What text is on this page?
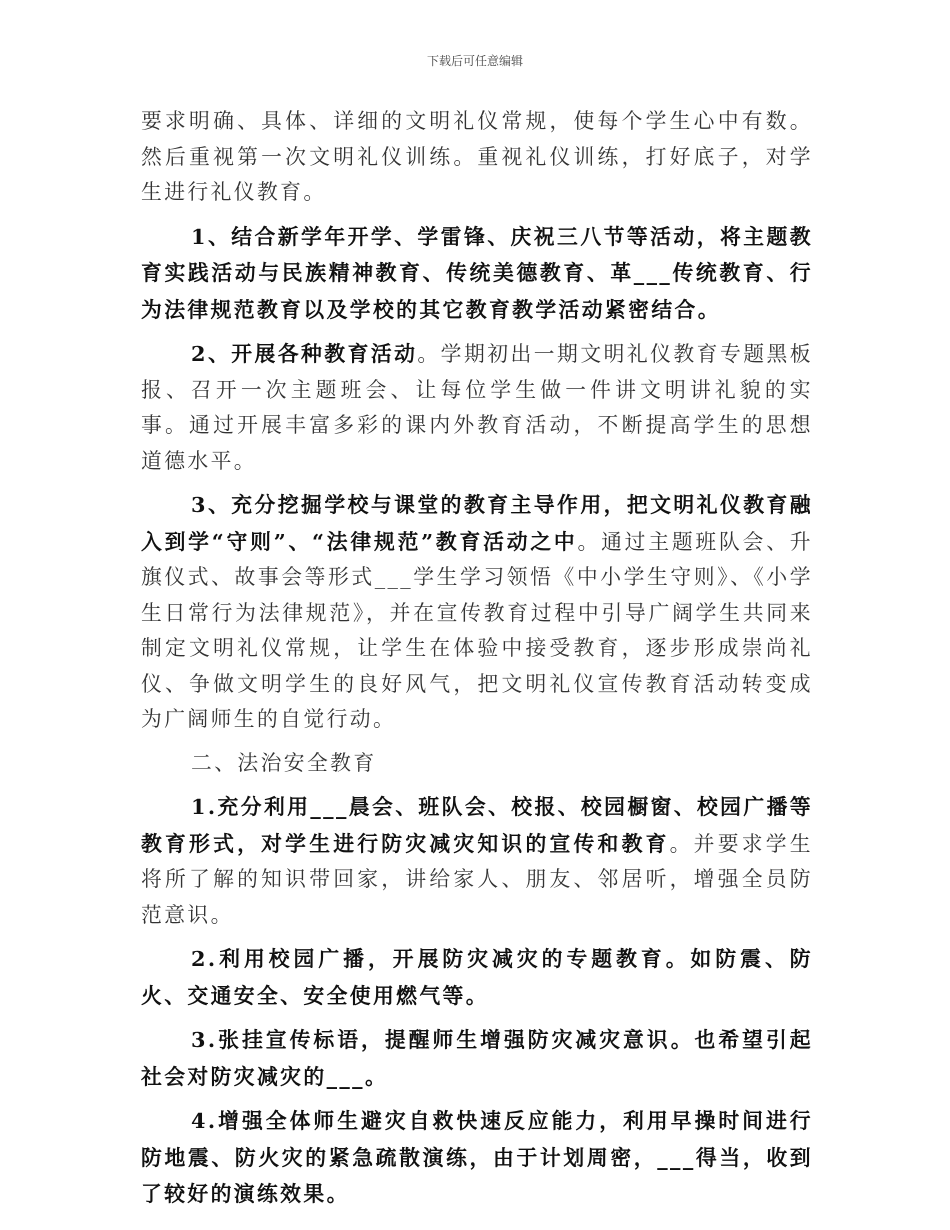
下载后可任意编辑

要求明确、具体、详细的文明礼仪常规，使每个学生心中有数。然后重视第一次文明礼仪训练。重视礼仪训练，打好底子，对学生进行礼仪教育。

1、结合新学年开学、学雷锋、庆祝三八节等活动，将主题教育实践活动与民族精神教育、传统美德教育、革___传统教育、行为法律规范教育以及学校的其它教育教学活动紧密结合。

2、开展各种教育活动。学期初出一期文明礼仪教育专题黑板报、召开一次主题班会、让每位学生做一件讲文明讲礼貌的实事。通过开展丰富多彩的课内外教育活动，不断提高学生的思想道德水平。

3、充分挖掘学校与课堂的教育主导作用，把文明礼仪教育融入到学“守则”、“法律规范”教育活动之中。通过主题班队会、升旗仪式、故事会等形式___学生学习领悟《中小学生守则》、《小学生日常行为法律规范》，并在宣传教育过程中引导广阔学生共同来制定文明礼仪常规，让学生在体验中接受教育，逐步形成崇尚礼仪、争做文明学生的良好风气，把文明礼仪宣传教育活动转变成为广阔师生的自觉行动。

二、法治安全教育

1.充分利用___晨会、班队会、校报、校园橱窗、校园广播等教育形式，对学生进行防灾减灾知识的宣传和教育。并要求学生将所了解的知识带回家，讲给家人、朋友、邻居听，增强全员防范意识。

2.利用校园广播，开展防灾减灾的专题教育。如防震、防火、交通安全、安全使用燃气等。

3.张挂宣传标语，提醒师生增强防灾减灾意识。也希望引起社会对防灾减灾的___。

4.增强全体师生避灾自救快速反应能力，利用早操时间进行防地震、防火灾的紧急疏散演练，由于计划周密，___得当，收到了较好的演练效果。
